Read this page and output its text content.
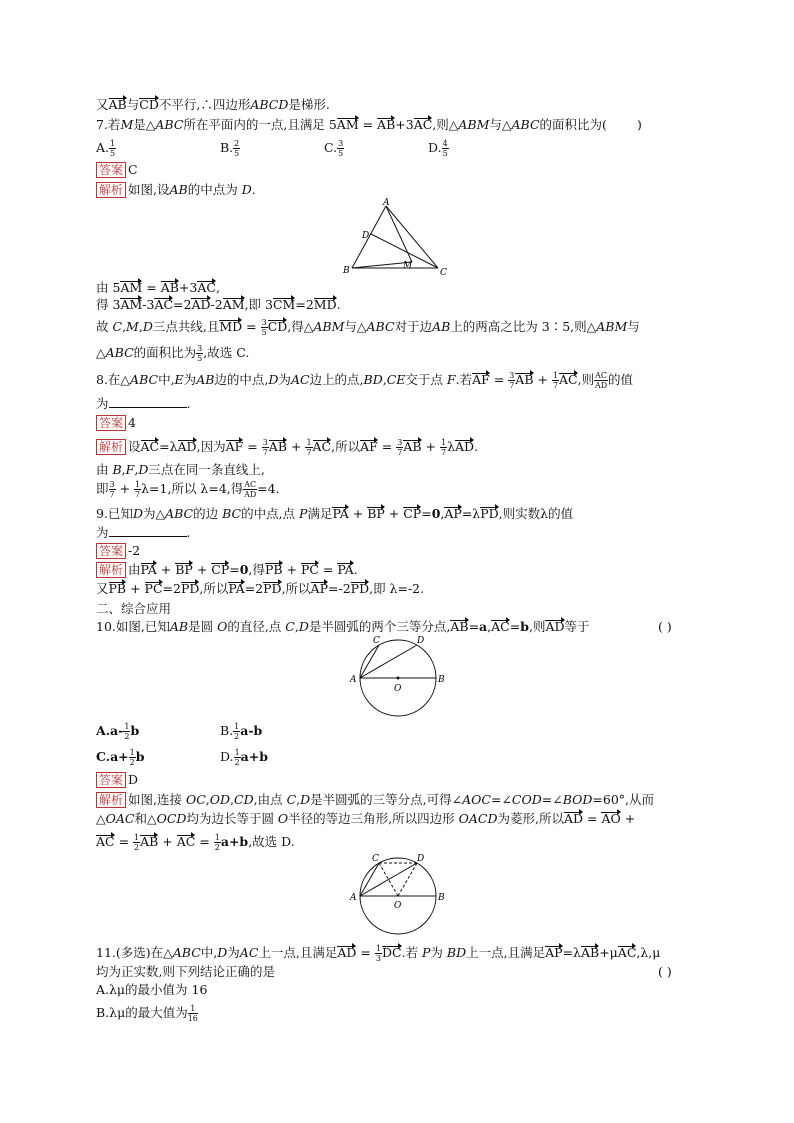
又AB与CD不平行,∴四边形ABCD是梯形.
7.若M是△ABC所在平面内的一点,且满足 5AM = AB+3AC,则△ABM与△ABC的面积比为( )
A. $\frac{1}{5}$	B. $\frac{2}{5}$	C. $\frac{3}{5}$	D. $\frac{4}{5}$
答案 C
解析 如图,设AB的中点为 D.
A
D
B	M
C
由 5AM = AB+3AC,
得 3AM-3AC=2AD-2AM,即 3CM=2MD.
故 C,M,D三点共线,且MD = $\frac{3}{5}$ CD,得△ABM与△ABC对于边AB上的两高之比为 3∶5,则△ABM与
△ABC的面积比为 $\frac{3}{5}$ ,故选 C.
8.在△ABC中,E为AB边的中点,D为AC边上的点,BD,CE交于点 F.若AF = $\frac{3}{7}$ AB + $\frac{1}{7}$ AC,则 $\frac{AC}{AD}$ 的值
为	.
答案 4
解析 设AC=λAD,因为AF = $\frac{3}{7}$ AB + $\frac{1}{7}$ AC,所以AF = $\frac{3}{7}$ AB + $\frac{1}{7} \lambda AD$.
由 B,F,D三点在同一条直线上,
即 $\frac{3}{7} + \frac{1}{7} \lambda=1$,所以 λ=4,得 $\frac{AC}{AD} =4$.
9.已知D为△ABC的边 BC的中点,点 P满足PA + BP + CP=0,AP=λPD,则实数λ的值
为	.
答案 -2
解析 由PA + BP + CP=0,得PB + PC = PA.
又PB + PC=2PD,所以PA=2PD,所以AP=-2PD,即 λ=-2.
二、综合应用
10.如图,已知AB是圆 O的直径,点 C,D是半圆弧的两个三等分点,AB=a,AC=b,则AD等于	( )
C	D
A
O
B
$A.a- \frac{1}{2}$ b	B. $\frac{1}{2} a-b$
$C.a+ \frac{1}{2}$ b	D. $\frac{1}{2} a+b$
答案 D
解析 如图,连接 OC,OD,CD,由点 C,D是半圆弧的三等分点,可得∠AOC=∠COD=∠BOD=60°,从而
△OAC和△OCD均为边长等于圆 O半径的等边三角形,所以四边形 OACD为菱形,所以AD = AO +
AC = $\frac{1}{2}$ AB + AC = $\frac{1}{2} a+b$,故选 D.
C	D
A
O
B
11.(多选)在△ABC中,D为AC上一点,且满足AD = $\frac{1}{3}$ DC.若 P为 BD上一点,且满足AP=λAB+μAC,λ,μ
均为正实数,则下列结论正确的是	( )
A.λμ的最小值为 16
B.λμ的最大值为 $\frac{1}{16}$
